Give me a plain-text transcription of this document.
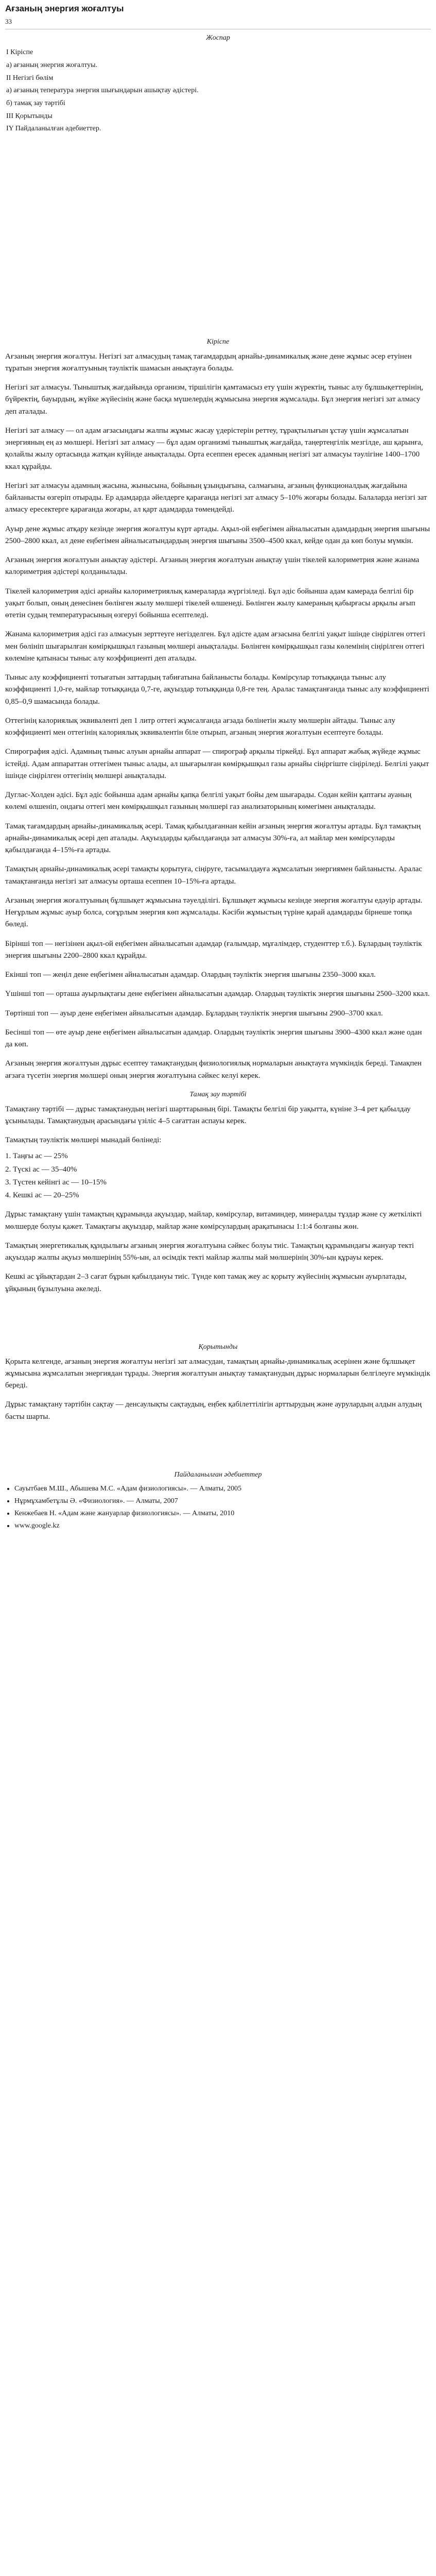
Ағзаның энергия жоғалтуы
33
Жоспар
I Кіріспе
а) ағзаның энергия жоғалтуы.
II Негізгі бөлім
а) ағзаның тепература энергия шығындарын ашықтау әдістері.
б) тамақ зау тәртібі
III Қорытынды
IY Пайдаланылған әдебиеттер.
Кіріспе

Ағзаның энергия жоғалтуы. Негізгі зат алмасудың тамақ тағамдардың арнайы-динамикалық және дене жұмыс әсер етуінен тұратын энергия жоғалтуының тәуліктік шамасын анықтауға болады.

Негізгі зат алмасуы. Тыныштық жағдайында организм, тіршілігін қамтамасыз ету үшін жүректің, тыныс алу бұлшықеттерінің, бүйректің, бауырдың, жүйке жүйесінің және басқа мүшелердің жұмысына энергия жұмсалады. Бұл энергия негізгі зат алмасу деп аталады.

Негізгі зат алмасу — ол адам ағзасындағы жалпы жұмыс жасау үдерістерін реттеу, тұрақтылығын ұстау үшін жұмсалатын энергияның ең аз мөлшері. Негізгі зат алмасу — бұл адам организмі тыныштық жағдайда, таңертеңгілік мезгілде, аш қарынға, қолайлы жылу ортасында жатқан күйінде анықталады. Орта есеппен ересек адамның негізгі зат алмасуы тәулігіне 1400–1700 ккал құрайды.

Негізгі зат алмасуы адамның жасына, жынысына, бойының ұзындығына, салмағына, ағзаның функционалдық жағдайына байланысты өзгеріп отырады. Ер адамдарда әйелдерге қарағанда негізгі зат алмасу 5–10% жоғары болады. Балаларда негізгі зат алмасу ересектерге қарағанда жоғары, ал қарт адамдарда төмендейді.

Ауыр дене жұмыс атқару кезінде энергия жоғалтуы күрт артады. Ақыл-ой еңбегімен айналысатын адамдардың энергия шығыны 2500–2800 ккал, ал дене еңбегімен айналысатындардың энергия шығыны 3500–4500 ккал, кейде одан да көп болуы мүмкін.

Ағзаның энергия жоғалтуын анықтау әдістері. Ағзаның энергия жоғалтуын анықтау үшін тікелей калориметрия және жанама калориметрия әдістері қолданылады.

Тікелей калориметрия әдісі арнайы калориметриялық камераларда жүргізіледі. Бұл әдіс бойынша адам камерада белгілі бір уақыт болып, оның денесінен бөлінген жылу мөлшері тікелей өлшенеді. Бөлінген жылу камераның қабырғасы арқылы ағып өтетін судың температурасының өзгеруі бойынша есептеледі.

Жанама калориметрия әдісі газ алмасуын зерттеуге негізделген. Бұл әдісте адам ағзасына белгілі уақыт ішінде сіңірілген оттегі мен бөлініп шығарылған көмірқышқыл газының мөлшері анықталады. Бөлінген көмірқышқыл газы көлемінің сіңірілген оттегі көлеміне қатынасы тыныс алу коэффициенті деп аталады.

Тыныс алу коэффициенті тотығатын заттардың табиғатына байланысты болады. Көмірсулар тотыққанда тыныс алу коэффициенті 1,0-ге, майлар тотыққанда 0,7-ге, ақуыздар тотыққанда 0,8-ге тең. Аралас тамақтанғанда тыныс алу коэффициенті 0,85–0,9 шамасында болады.

Оттегінің калориялық эквиваленті деп 1 литр оттегі жұмсалғанда ағзада бөлінетін жылу мөлшерін айтады. Тыныс алу коэффициенті мен оттегінің калориялық эквивалентін біле отырып, ағзаның энергия жоғалтуын есептеуге болады.

Спирография әдісі. Адамның тыныс алуын арнайы аппарат — спирограф арқылы тіркейді. Бұл аппарат жабық жүйеде жұмыс істейді. Адам аппараттан оттегімен тыныс алады, ал шығарылған көмірқышқыл газы арнайы сіңіргіште сіңіріледі. Белгілі уақыт ішінде сіңірілген оттегінің мөлшері анықталады.

Дуглас-Холден әдісі. Бұл әдіс бойынша адам арнайы қапқа белгілі уақыт бойы дем шығарады. Содан кейін қаптағы ауаның көлемі өлшеніп, ондағы оттегі мен көмірқышқыл газының мөлшері газ анализаторының көмегімен анықталады.

Тамақ тағамдардың арнайы-динамикалық әсері. Тамақ қабылдағаннан кейін ағзаның энергия жоғалтуы артады. Бұл тамақтың арнайы-динамикалық әсері деп аталады. Ақуыздарды қабылдағанда зат алмасуы 30%-ға, ал майлар мен көмірсуларды қабылдағанда 4–15%-ға артады.

Тамақтың арнайы-динамикалық әсері тамақты қорытуға, сіңіруге, тасымалдауға жұмсалатын энергиямен байланысты. Аралас тамақтанғанда негізгі зат алмасуы орташа есеппен 10–15%-ға артады.

Ағзаның энергия жоғалтуының бұлшықет жұмысына тәуелділігі. Бұлшықет жұмысы кезінде энергия жоғалтуы едәуір артады. Неғұрлым жұмыс ауыр болса, соғұрлым энергия көп жұмсалады. Кәсіби жұмыстың түріне қарай адамдарды бірнеше топқа бөледі.

Бірінші топ — негізінен ақыл-ой еңбегімен айналысатын адамдар (ғалымдар, мұғалімдер, студенттер т.б.). Бұлардың тәуліктік энергия шығыны 2200–2800 ккал құрайды.

Екінші топ — жеңіл дене еңбегімен айналысатын адамдар. Олардың тәуліктік энергия шығыны 2350–3000 ккал.

Үшінші топ — орташа ауырлықтағы дене еңбегімен айналысатын адамдар. Олардың тәуліктік энергия шығыны 2500–3200 ккал.

Төртінші топ — ауыр дене еңбегімен айналысатын адамдар. Бұлардың тәуліктік энергия шығыны 2900–3700 ккал.

Бесінші топ — өте ауыр дене еңбегімен айналысатын адамдар. Олардың тәуліктік энергия шығыны 3900–4300 ккал және одан да көп.

Ағзаның энергия жоғалтуын дұрыс есептеу тамақтанудың физиологиялық нормаларын анықтауға мүмкіндік береді. Тамақпен ағзаға түсетін энергия мөлшері оның энергия жоғалтуына сәйкес келуі керек.

Тамақ зау тәртібі

Тамақтану тәртібі — дұрыс тамақтанудың негізгі шарттарының бірі. Тамақты белгілі бір уақытта, күніне 3–4 рет қабылдау ұсынылады. Тамақтанудың арасындағы үзіліс 4–5 сағаттан аспауы керек.

Тамақтың тәуліктік мөлшері мынадай бөлінеді:

1. Таңғы ас — 25%
2. Түскі ас — 35–40%
3. Түстен кейінгі ас — 10–15%
4. Кешкі ас — 20–25%

Дұрыс тамақтану үшін тамақтың құрамында ақуыздар, майлар, көмірсулар, витаминдер, минералды тұздар және су жеткілікті мөлшерде болуы қажет. Тамақтағы ақуыздар, майлар және көмірсулардың арақатынасы 1:1:4 болғаны жөн.

Тамақтың энергетикалық құндылығы ағзаның энергия жоғалтуына сәйкес болуы тиіс. Тамақтың құрамындағы жануар текті ақуыздар жалпы ақуыз мөлшерінің 55%-ын, ал өсімдік текті майлар жалпы май мөлшерінің 30%-ын құрауы керек.

Кешкі ас ұйықтардан 2–3 сағат бұрын қабылдануы тиіс. Түнде көп тамақ жеу ас қорыту жүйесінің жұмысын ауырлатады, ұйқының бұзылуына әкеледі.

Қорытынды

Қорыта келгенде, ағзаның энергия жоғалтуы негізгі зат алмасудан, тамақтың арнайы-динамикалық әсерінен және бұлшықет жұмысына жұмсалатын энергиядан тұрады. Энергия жоғалтуын анықтау тамақтанудың дұрыс нормаларын белгілеуге мүмкіндік береді.

Дұрыс тамақтану тәртібін сақтау — денсаулықты сақтаудың, еңбек қабілеттілігін арттырудың және аурулардың алдын алудың басты шарты.

Пайдаланылған әдебиеттер
• Сауытбаев М.Ш., Абышева М.С. «Адам физиологиясы». — Алматы, 2005
• Нұрмұхамбетұлы Ә. «Физиология». — Алматы, 2007
• Кенжебаев Н. «Адам және жануарлар физиологиясы». — Алматы, 2010
• www.google.kz
